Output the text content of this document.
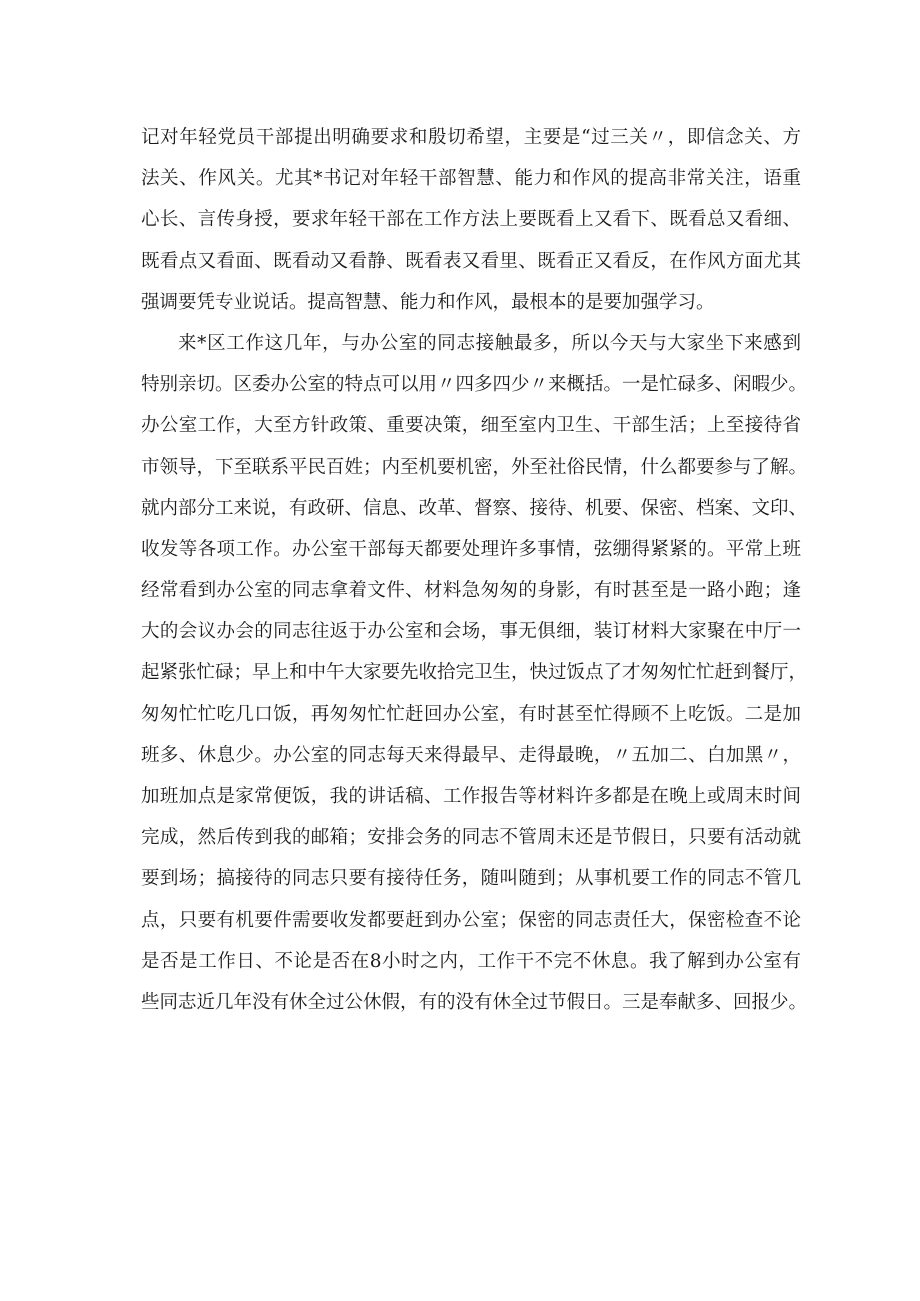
记对年轻党员干部提出明确要求和殷切希望，主要是“过三关〃，即信念关、方
法关、作风关。尤其*书记对年轻干部智慧、能力和作风的提高非常关注，语重
心长、言传身授，要求年轻干部在工作方法上要既看上又看下、既看总又看细、
既看点又看面、既看动又看静、既看表又看里、既看正又看反，在作风方面尤其
强调要凭专业说话。提高智慧、能力和作风，最根本的是要加强学习。
来*区工作这几年，与办公室的同志接触最多，所以今天与大家坐下来感到
特别亲切。区委办公室的特点可以用〃四多四少〃来概括。一是忙碌多、闲暇少。
办公室工作，大至方针政策、重要决策，细至室内卫生、干部生活；上至接待省
市领导，下至联系平民百姓；内至机要机密，外至社俗民情，什么都要参与了解。
就内部分工来说，有政研、信息、改革、督察、接待、机要、保密、档案、文印、
收发等各项工作。办公室干部每天都要处理许多事情，弦绷得紧紧的。平常上班
经常看到办公室的同志拿着文件、材料急匆匆的身影，有时甚至是一路小跑；逢
大的会议办会的同志往返于办公室和会场，事无俱细，装订材料大家聚在中厅一
起紧张忙碌；早上和中午大家要先收拾完卫生，快过饭点了才匆匆忙忙赶到餐厅，
匆匆忙忙吃几口饭，再匆匆忙忙赶回办公室，有时甚至忙得顾不上吃饭。二是加
班多、休息少。办公室的同志每天来得最早、走得最晚，〃五加二、白加黑〃，
加班加点是家常便饭，我的讲话稿、工作报告等材料许多都是在晚上或周末时间
完成，然后传到我的邮箱；安排会务的同志不管周末还是节假日，只要有活动就
要到场；搞接待的同志只要有接待任务，随叫随到；从事机要工作的同志不管几
点，只要有机要件需要收发都要赶到办公室；保密的同志责任大，保密检查不论
是否是工作日、不论是否在8小时之内，工作干不完不休息。我了解到办公室有
些同志近几年没有休全过公休假，有的没有休全过节假日。三是奉献多、回报少。
